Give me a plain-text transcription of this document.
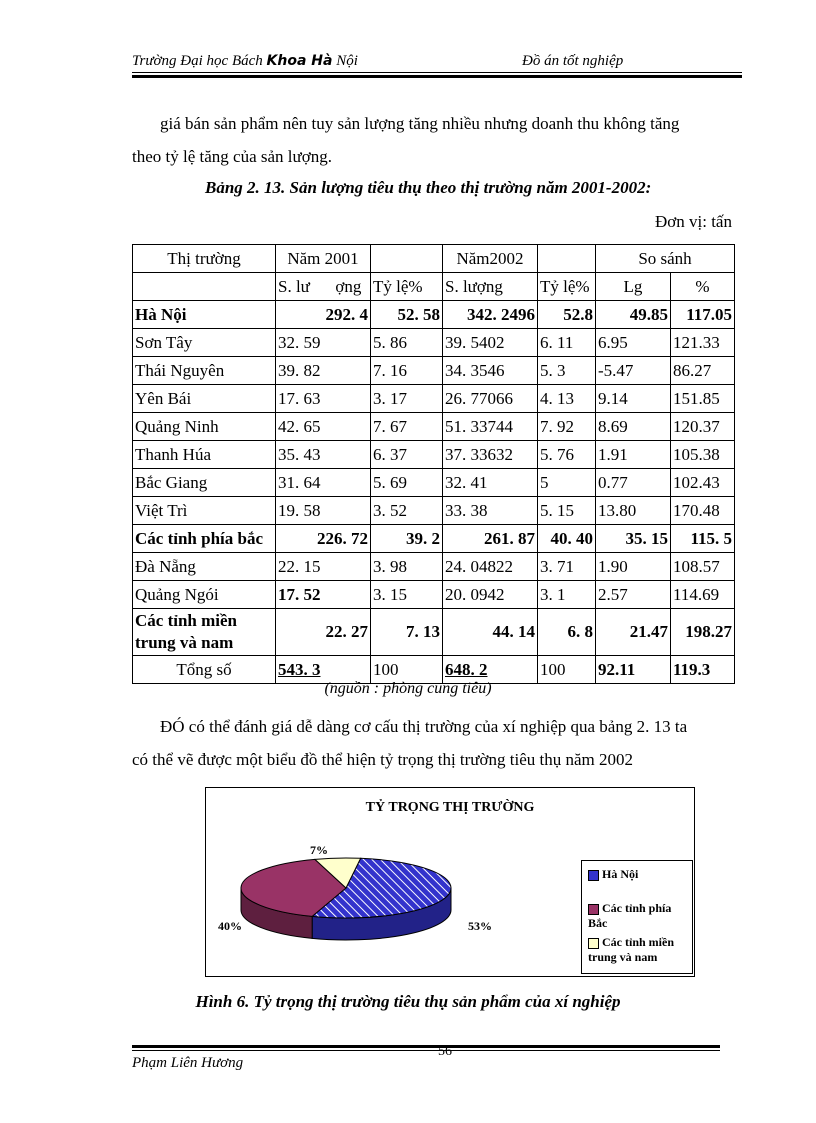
Trường Đại học Bách Khoa Hà Nội	Đồ án tốt nghiệp
giá bán sản phẩm nên tuy sản lượng tăng nhiều nhưng doanh thu không tăng
theo tỷ lệ tăng của sản lượng.
Bảng 2. 13. Sản lượng tiêu thụ theo thị trường năm 2001-2002:
Đơn vị: tấn
Thị trường	Năm 2001		Năm2002		So sánh	
	S. lư      ợng	Tỷ lệ%	S. lượng	Tỷ lệ%	Lg	%
Hà Nội	292. 4	52. 58	342. 2496	52.8	49.85	117.05
Sơn Tây	32. 59	5. 86	39. 5402	6. 11	6.95	121.33
Thái Nguyên	39. 82	7. 16	34. 3546	5. 3	-5.47	86.27
Yên Bái	17. 63	3. 17	26. 77066	4. 13	9.14	151.85
Quảng Ninh	42. 65	7. 67	51. 33744	7. 92	8.69	120.37
Thanh Húa	35. 43	6. 37	37. 33632	5. 76	1.91	105.38
Bắc Giang	31. 64	5. 69	32. 41	5	0.77	102.43
Việt Trì	19. 58	3. 52	33. 38	5. 15	13.80	170.48
Các tỉnh phía bắc	226. 72	39. 2	261. 87	40. 40	35. 15	115. 5
Đà Nẵng	22. 15	3. 98	24. 04822	3. 71	1.90	108.57
Quảng Ngói	17. 52	3. 15	20. 0942	3. 1	2.57	114.69
Các tỉnh miền trung và nam	22. 27	7. 13	44. 14	6. 8	21.47	198.27
Tổng số	543. 3	100	648. 2	100	92.11	119.3
(nguồn : phòng cung tiêu)
ĐÓ có thể đánh giá dễ dàng cơ cấu thị trường của xí nghiệp qua bảng 2. 13 ta
có thể vẽ được một biểu đồ thể hiện tỷ trọng thị trường tiêu thụ năm 2002
TỶ TRỌNG THỊ TRƯỜNG
53%
40%
7%
Hà Nội
Các tỉnh phía Bắc
Các tỉnh miền trung và nam
Hình 6. Tỷ trọng thị trường tiêu thụ sản phẩm của xí nghiệp
56
Phạm Liên Hương
